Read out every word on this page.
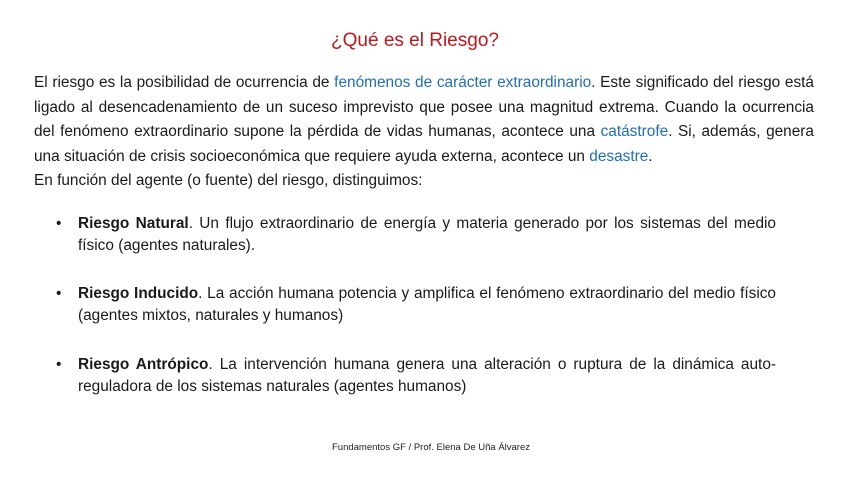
¿Qué es el Riesgo?

El riesgo es la posibilidad de ocurrencia de fenómenos de carácter extraordinario. Este significado del riesgo está ligado al desencadenamiento de un suceso imprevisto que posee una magnitud extrema. Cuando la ocurrencia del fenómeno extraordinario supone la pérdida de vidas humanas, acontece una catástrofe. Si, además, genera una situación de crisis socioeconómica que requiere ayuda externa, acontece un desastre.
En función del agente (o fuente) del riesgo, distinguimos:

•	Riesgo Natural. Un flujo extraordinario de energía y materia generado por los sistemas del medio físico (agentes naturales).
•	Riesgo Inducido. La acción humana potencia y amplifica el fenómeno extraordinario del medio físico (agentes mixtos, naturales y humanos)
•	Riesgo Antrópico. La intervención humana genera una alteración o ruptura de la dinámica auto-reguladora de los sistemas naturales (agentes humanos)
Fundamentos GF / Prof. Elena De Uña Álvarez
